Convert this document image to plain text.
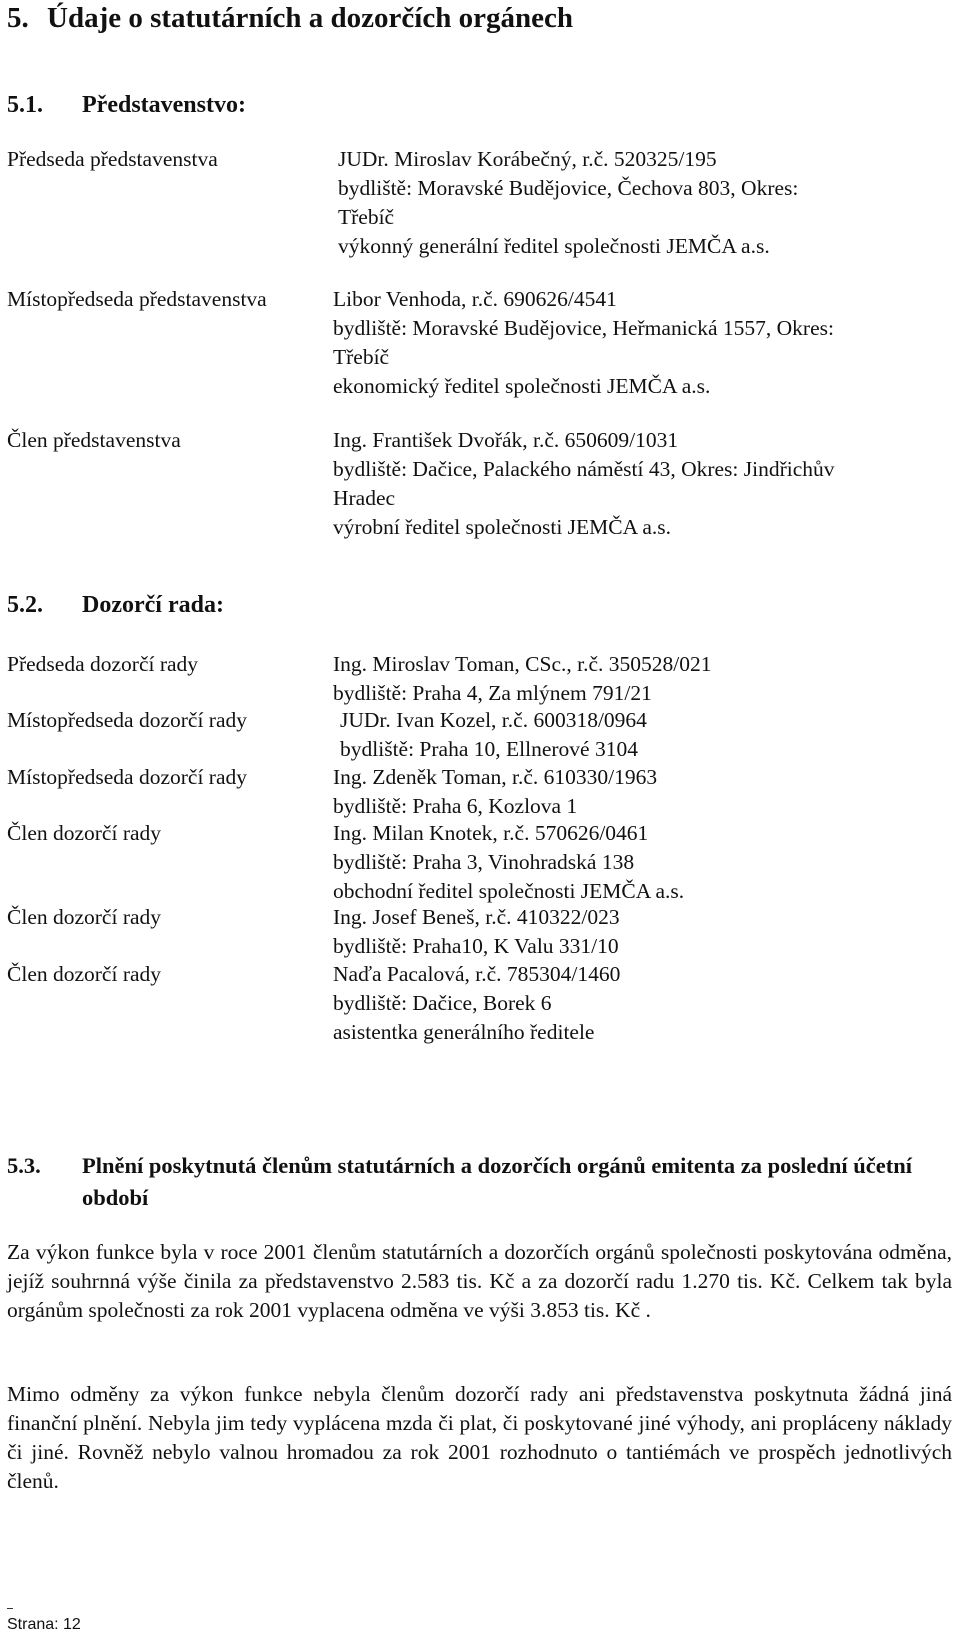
5. Údaje o statutárních a dozorčích orgánech
5.1. Představenstvo:
Předseda představenstva	JUDr. Miroslav Korábečný, r.č. 520325/195
bydliště: Moravské Budějovice, Čechova 803, Okres:
Třebíč
výkonný generální ředitel společnosti JEMČA a.s.
Místopředseda představenstva	Libor Venhoda, r.č. 690626/4541
bydliště: Moravské Budějovice, Heřmanická 1557, Okres:
Třebíč
ekonomický ředitel společnosti JEMČA a.s.
Člen představenstva	Ing. František Dvořák, r.č. 650609/1031
bydliště: Dačice, Palackého náměstí 43, Okres: Jindřichův
Hradec
výrobní ředitel společnosti JEMČA a.s.
5.2. Dozorčí rada:
Předseda dozorčí rady	Ing. Miroslav Toman, CSc., r.č. 350528/021
bydliště: Praha 4, Za mlýnem 791/21
Místopředseda dozorčí rady	JUDr. Ivan Kozel, r.č. 600318/0964
bydliště: Praha 10, Ellnerové 3104
Místopředseda dozorčí rady	Ing. Zdeněk Toman, r.č. 610330/1963
bydliště: Praha 6, Kozlova 1
Člen dozorčí rady	Ing. Milan Knotek, r.č. 570626/0461
bydliště: Praha 3, Vinohradská 138
obchodní ředitel společnosti JEMČA a.s.
Člen dozorčí rady	Ing. Josef Beneš, r.č. 410322/023
bydliště: Praha10, K Valu 331/10
Člen dozorčí rady	Naďa Pacalová, r.č. 785304/1460
bydliště: Dačice, Borek 6
asistentka generálního ředitele
5.3. Plnění poskytnutá členům statutárních a dozorčích orgánů emitenta za poslední účetní období

Za výkon funkce byla v roce 2001 členům statutárních a dozorčích orgánů společnosti poskytována odměna, jejíž souhrnná výše činila za představenstvo 2.583 tis. Kč a za dozorčí radu 1.270 tis. Kč. Celkem tak byla orgánům společnosti za rok 2001 vyplacena odměna ve výši 3.853 tis. Kč .

Mimo odměny za výkon funkce nebyla členům dozorčí rady ani představenstva poskytnuta žádná jiná finanční plnění. Nebyla jim tedy vyplácena mzda či plat, či poskytované jiné výhody, ani propláceny náklady či jiné. Rovněž nebylo valnou hromadou za rok 2001 rozhodnuto o tantiémách ve prospěch jednotlivých členů.

Strana: 12
